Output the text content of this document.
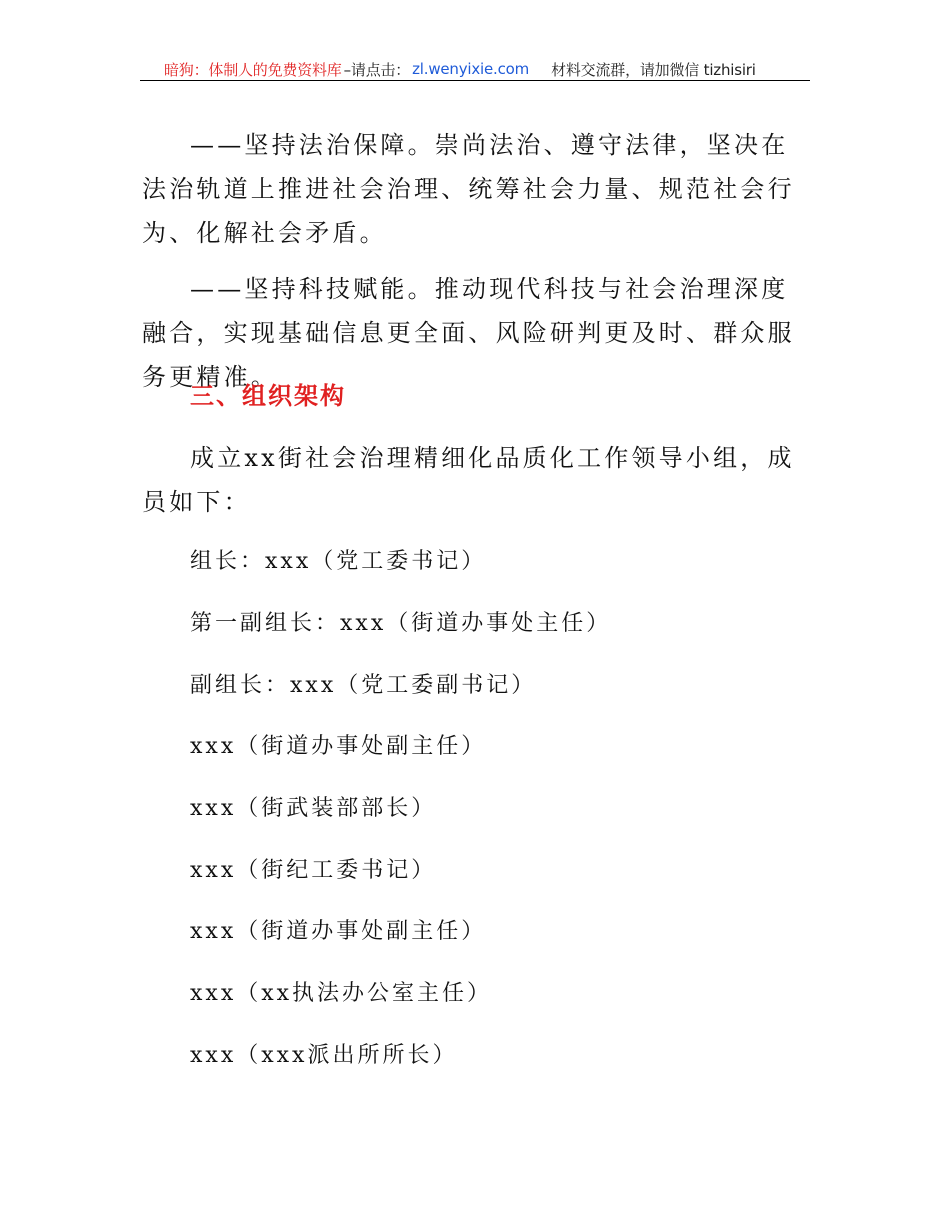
暗狗：体制人的免费资料库 –请点击： zl.wenyixie.com 材料交流群，请加微信 tizhisiri

——坚持法治保障。崇尚法治、遵守法律，坚决在法治轨道上推进社会治理、统筹社会力量、规范社会行为、化解社会矛盾。

——坚持科技赋能。推动现代科技与社会治理深度融合，实现基础信息更全面、风险研判更及时、群众服务更精准。

三、组织架构

成立xx街社会治理精细化品质化工作领导小组，成员如下：

组长：xxx（党工委书记）

第一副组长：xxx（街道办事处主任）

副组长：xxx（党工委副书记）

xxx（街道办事处副主任）

xxx（街武装部部长）

xxx（街纪工委书记）

xxx（街道办事处副主任）

xxx（xx执法办公室主任）

xxx（xxx派出所所长）
